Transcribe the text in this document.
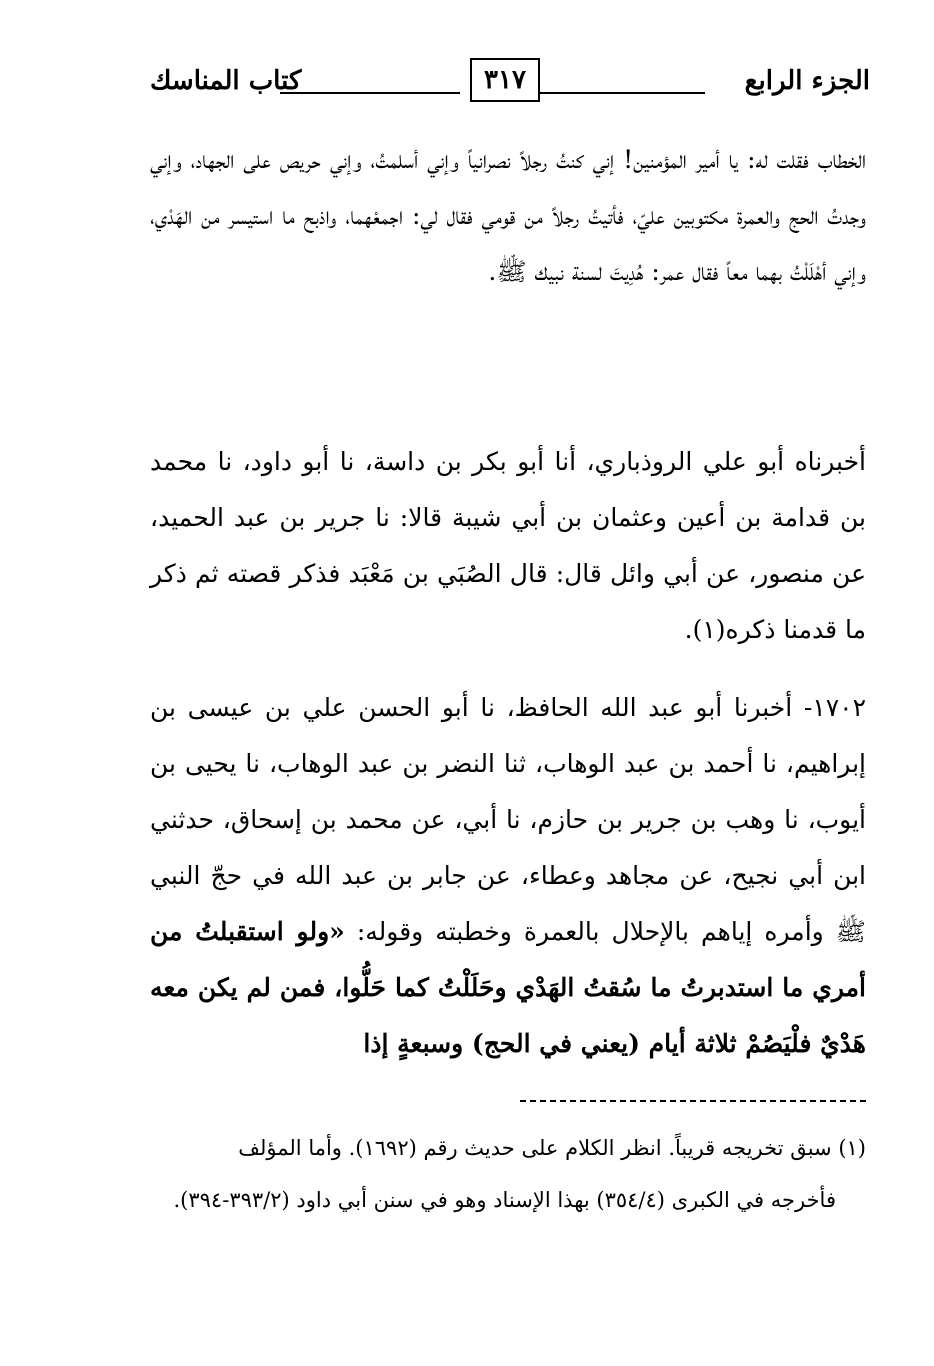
الجزء الرابع
٣١٧
كتاب المناسك
الخطاب فقلت له: يا أمير المؤمنين! إني كنتُ رجلاً نصرانياً وإني أسلمتُ، وإني حريص على الجهاد، وإني وجدتُ الحج والعمرة مكتوبين عليّ، فأتيتُ رجلاً من قومي فقال لي: اجمعْهما، واذبح ما استيسر من الهَدْي، وإني أهْلَلْتُ بهما معاً فقال عمر: هُدِيتَ لسنة نبيك ﷺ.
أخبرناه أبو علي الروذباري، أنا أبو بكر بن داسة، نا أبو داود، نا محمد بن قدامة بن أعين وعثمان بن أبي شيبة قالا: نا جرير بن عبد الحميد، عن منصور، عن أبي وائل قال: قال الصُبَي بن مَعْبَد فذكر قصته ثم ذكر ما قدمنا ذكره(١).
١٧٠٢- أخبرنا أبو عبد الله الحافظ، نا أبو الحسن علي بن عيسى بن إبراهيم، نا أحمد بن عبد الوهاب، ثنا النضر بن عبد الوهاب، نا يحيى بن أيوب، نا وهب بن جرير بن حازم، نا أبي، عن محمد بن إسحاق، حدثني ابن أبي نجيح، عن مجاهد وعطاء، عن جابر بن عبد الله في حجّ النبي ﷺ وأمره إياهم بالإحلال بالعمرة وخطبته وقوله: «ولو استقبلتُ من أمري ما استدبرتُ ما سُقتُ الهَدْي وحَلَلْتُ كما حَلُّوا، فمن لم يكن معه هَدْيٌ فلْيَصُمْ ثلاثة أيام (يعني في الحج) وسبعةٍ إذا
(١) سبق تخريجه قريباً. انظر الكلام على حديث رقم (١٦٩٢). وأما المؤلف
فأخرجه في الكبرى (٣٥٤/٤) بهذا الإسناد وهو في سنن أبي داود (٣٩٣/٢-٣٩٤).
